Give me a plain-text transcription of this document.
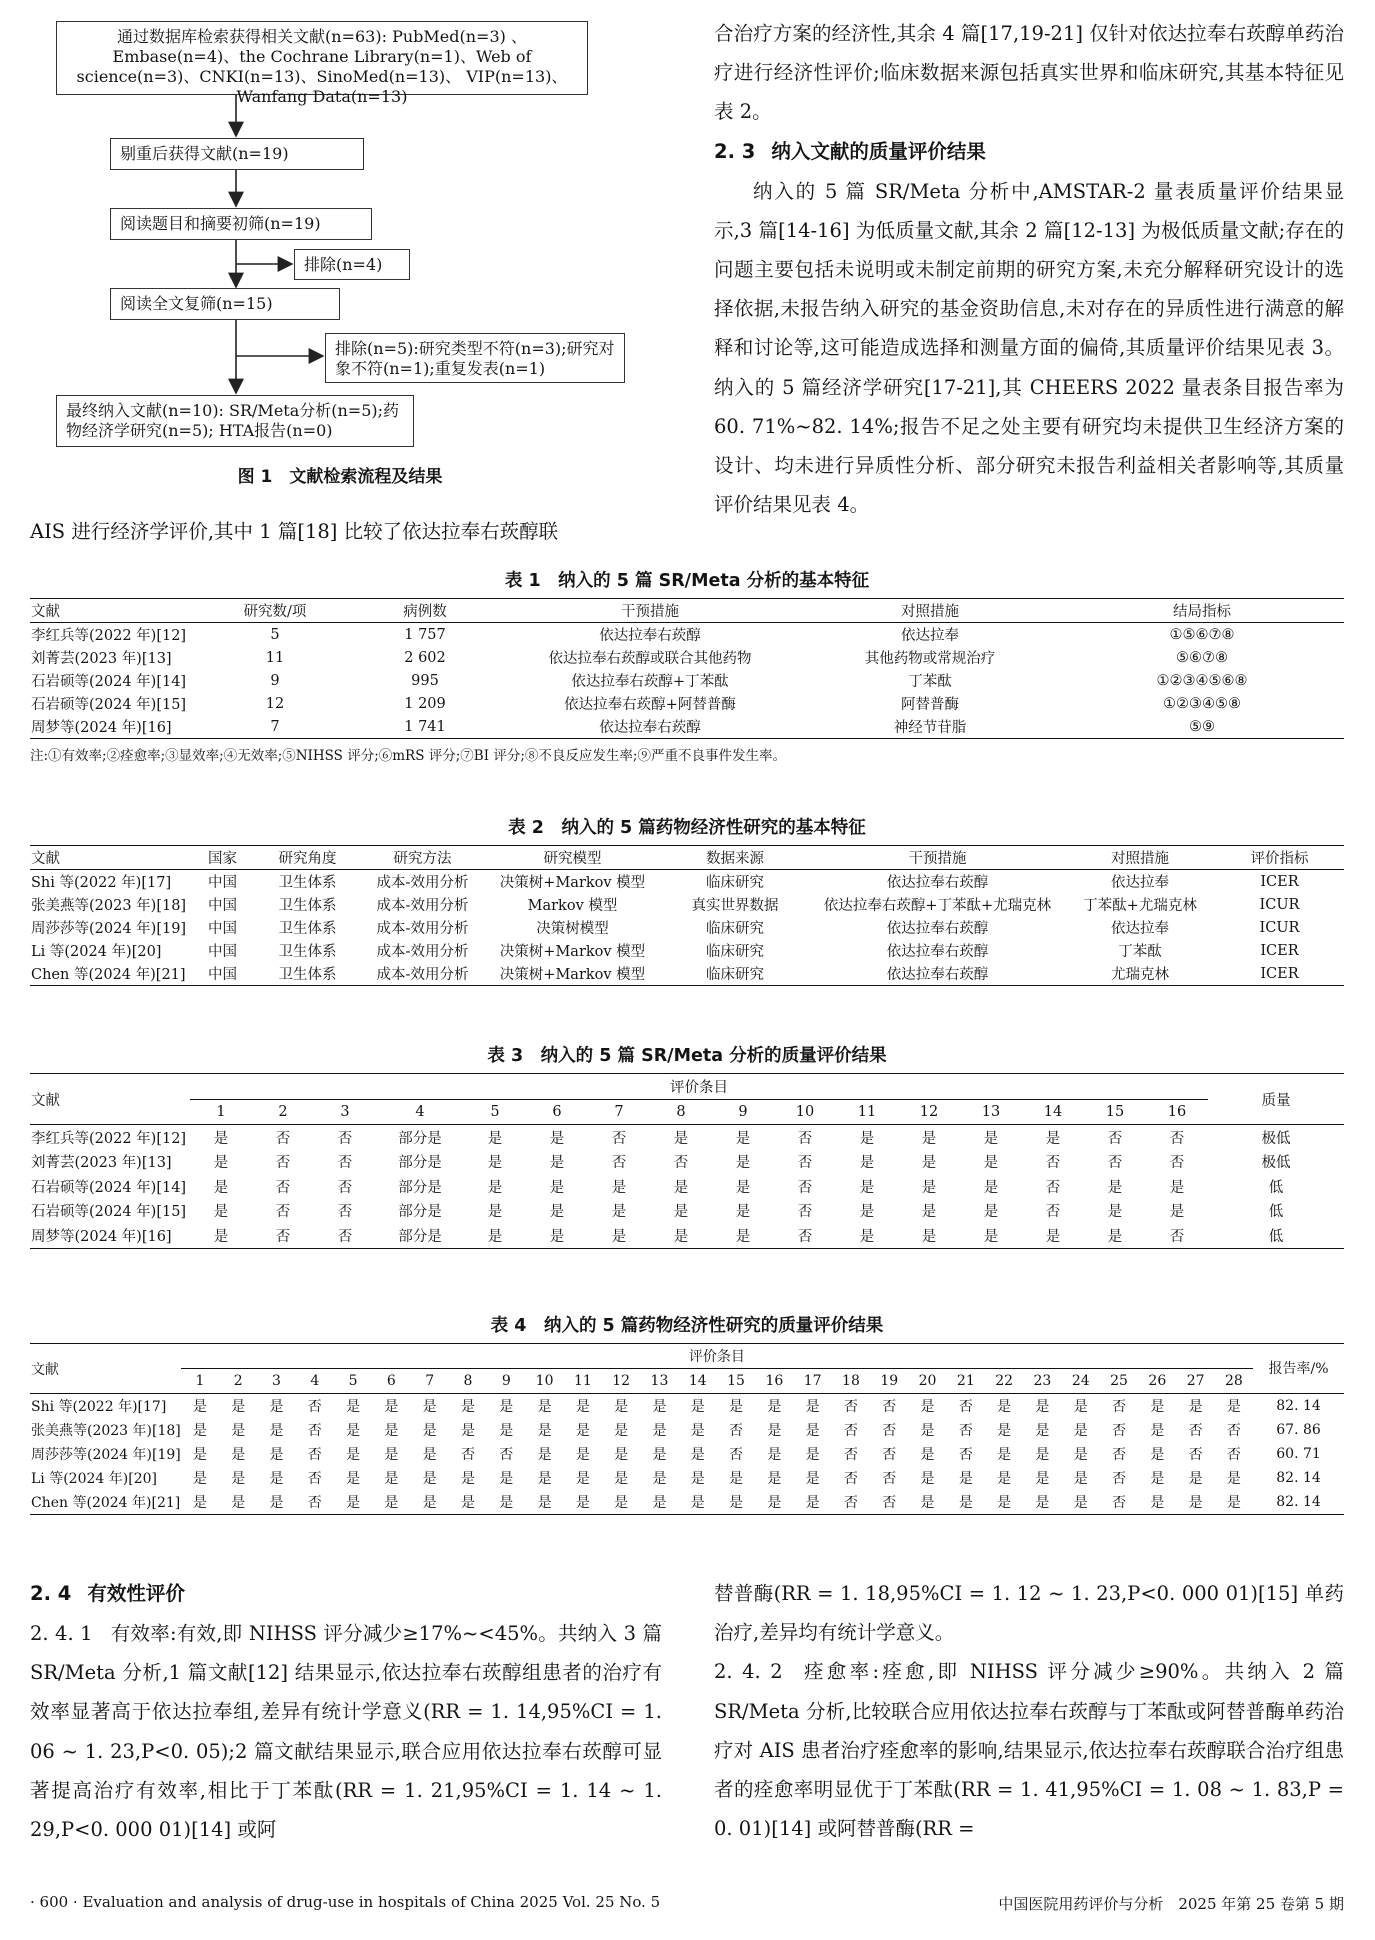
通过数据库检索获得相关文献(n=63): PubMed(n=3) 、Embase(n=4)、the Cochrane Library(n=1)、Web of science(n=3)、CNKI(n=13)、SinoMed(n=13)、 VIP(n=13)、 Wanfang Data(n=13)
剔重后获得文献(n=19)
阅读题目和摘要初筛(n=19)
排除(n=4)
阅读全文复筛(n=15)
排除(n=5):研究类型不符(n=3);研究对象不符(n=1);重复发表(n=1)
最终纳入文献(n=10): SR/Meta分析(n=5);药物经济学研究(n=5); HTA报告(n=0)
图 1　文献检索流程及结果

AIS 进行经济学评价,其中 1 篇[18] 比较了依达拉奉右莰醇联

合治疗方案的经济性,其余 4 篇[17,19-21] 仅针对依达拉奉右莰醇单药治疗进行经济性评价;临床数据来源包括真实世界和临床研究,其基本特征见表 2。

2. 3 纳入文献的质量评价结果

纳入的 5 篇 SR/Meta 分析中,AMSTAR-2 量表质量评价结果显示,3 篇[14-16] 为低质量文献,其余 2 篇[12-13] 为极低质量文献;存在的问题主要包括未说明或未制定前期的研究方案,未充分解释研究设计的选择依据,未报告纳入研究的基金资助信息,未对存在的异质性进行满意的解释和讨论等,这可能造成选择和测量方面的偏倚,其质量评价结果见表 3。纳入的 5 篇经济学研究[17-21],其 CHEERS 2022 量表条目报告率为 60. 71%~82. 14%;报告不足之处主要有研究均未提供卫生经济方案的设计、均未进行异质性分析、部分研究未报告利益相关者影响等,其质量评价结果见表 4。

表 1　纳入的 5 篇 SR/Meta 分析的基本特征
文献	研究数/项	病例数	干预措施	对照措施	结局指标
李红兵等(2022 年)[12]	5	1 757	依达拉奉右莰醇	依达拉奉	①⑤⑥⑦⑧
刘菁芸(2023 年)[13]	11	2 602	依达拉奉右莰醇或联合其他药物	其他药物或常规治疗	⑤⑥⑦⑧
石岩硕等(2024 年)[14]	9	995	依达拉奉右莰醇+丁苯酞	丁苯酞	①②③④⑤⑥⑧
石岩硕等(2024 年)[15]	12	1 209	依达拉奉右莰醇+阿替普酶	阿替普酶	①②③④⑤⑧
周梦等(2024 年)[16]	7	1 741	依达拉奉右莰醇	神经节苷脂	⑤⑨
注:①有效率;②痊愈率;③显效率;④无效率;⑤NIHSS 评分;⑥mRS 评分;⑦BI 评分;⑧不良反应发生率;⑨严重不良事件发生率。
表 2　纳入的 5 篇药物经济性研究的基本特征
文献	国家	研究角度	研究方法	研究模型	数据来源	干预措施	对照措施	评价指标
Shi 等(2022 年)[17]	中国	卫生体系	成本-效用分析	决策树+Markov 模型	临床研究	依达拉奉右莰醇	依达拉奉	ICER
张美燕等(2023 年)[18]	中国	卫生体系	成本-效用分析	Markov 模型	真实世界数据	依达拉奉右莰醇+丁苯酞+尤瑞克林	丁苯酞+尤瑞克林	ICUR
周莎莎等(2024 年)[19]	中国	卫生体系	成本-效用分析	决策树模型	临床研究	依达拉奉右莰醇	依达拉奉	ICUR
Li 等(2024 年)[20]	中国	卫生体系	成本-效用分析	决策树+Markov 模型	临床研究	依达拉奉右莰醇	丁苯酞	ICER
Chen 等(2024 年)[21]	中国	卫生体系	成本-效用分析	决策树+Markov 模型	临床研究	依达拉奉右莰醇	尤瑞克林	ICER
表 3　纳入的 5 篇 SR/Meta 分析的质量评价结果
文献	评价条目																质量
	1	2	3	4	5	6	7	8	9	10	11	12	13	14	15	16	
李红兵等(2022 年)[12]	是	否	否	部分是	是	是	否	是	是	否	是	是	是	是	否	否	极低
刘菁芸(2023 年)[13]	是	否	否	部分是	是	是	否	否	是	否	是	是	是	否	否	否	极低
石岩硕等(2024 年)[14]	是	否	否	部分是	是	是	是	是	是	否	是	是	是	否	是	是	低
石岩硕等(2024 年)[15]	是	否	否	部分是	是	是	是	是	是	否	是	是	是	否	是	是	低
周梦等(2024 年)[16]	是	否	否	部分是	是	是	是	是	是	否	是	是	是	是	是	否	低
表 4　纳入的 5 篇药物经济性研究的质量评价结果
文献	评价条目																												报告率/%
	1	2	3	4	5	6	7	8	9	10	11	12	13	14	15	16	17	18	19	20	21	22	23	24	25	26	27	28	
Shi 等(2022 年)[17]	是	是	是	否	是	是	是	是	是	是	是	是	是	是	是	是	是	否	否	是	否	是	是	是	否	是	是	是	82. 14
张美燕等(2023 年)[18]	是	是	是	否	是	是	是	是	是	是	是	是	是	是	否	是	是	否	否	是	否	是	是	是	否	是	否	否	67. 86
周莎莎等(2024 年)[19]	是	是	是	否	是	是	是	否	否	是	是	是	是	是	否	是	是	否	否	是	否	是	是	是	否	是	否	否	60. 71
Li 等(2024 年)[20]	是	是	是	否	是	是	是	是	是	是	是	是	是	是	是	是	是	否	否	是	是	是	是	是	否	是	是	是	82. 14
Chen 等(2024 年)[21]	是	是	是	否	是	是	是	是	是	是	是	是	是	是	是	是	是	否	否	是	是	是	是	是	否	是	是	是	82. 14
2. 4 有效性评价

2. 4. 1 有效率:有效,即 NIHSS 评分减少≥17%~<45%。共纳入 3 篇 SR/Meta 分析,1 篇文献[12] 结果显示,依达拉奉右莰醇组患者的治疗有效率显著高于依达拉奉组,差异有统计学意义(RR = 1. 14,95%CI = 1. 06 ~ 1. 23,P<0. 05);2 篇文献结果显示,联合应用依达拉奉右莰醇可显著提高治疗有效率,相比于丁苯酞(RR = 1. 21,95%CI = 1. 14 ~ 1. 29,P<0. 000 01)[14] 或阿

替普酶(RR = 1. 18,95%CI = 1. 12 ~ 1. 23,P<0. 000 01)[15] 单药治疗,差异均有统计学意义。

2. 4. 2 痊愈率:痊愈,即 NIHSS 评分减少≥90%。共纳入 2 篇 SR/Meta 分析,比较联合应用依达拉奉右莰醇与丁苯酞或阿替普酶单药治疗对 AIS 患者治疗痊愈率的影响,结果显示,依达拉奉右莰醇联合治疗组患者的痊愈率明显优于丁苯酞(RR = 1. 41,95%CI = 1. 08 ~ 1. 83,P = 0. 01)[14] 或阿替普酶(RR =

· 600 · Evaluation and analysis of drug-use in hospitals of China 2025 Vol. 25 No. 5	中国医院用药评价与分析　2025 年第 25 卷第 5 期
